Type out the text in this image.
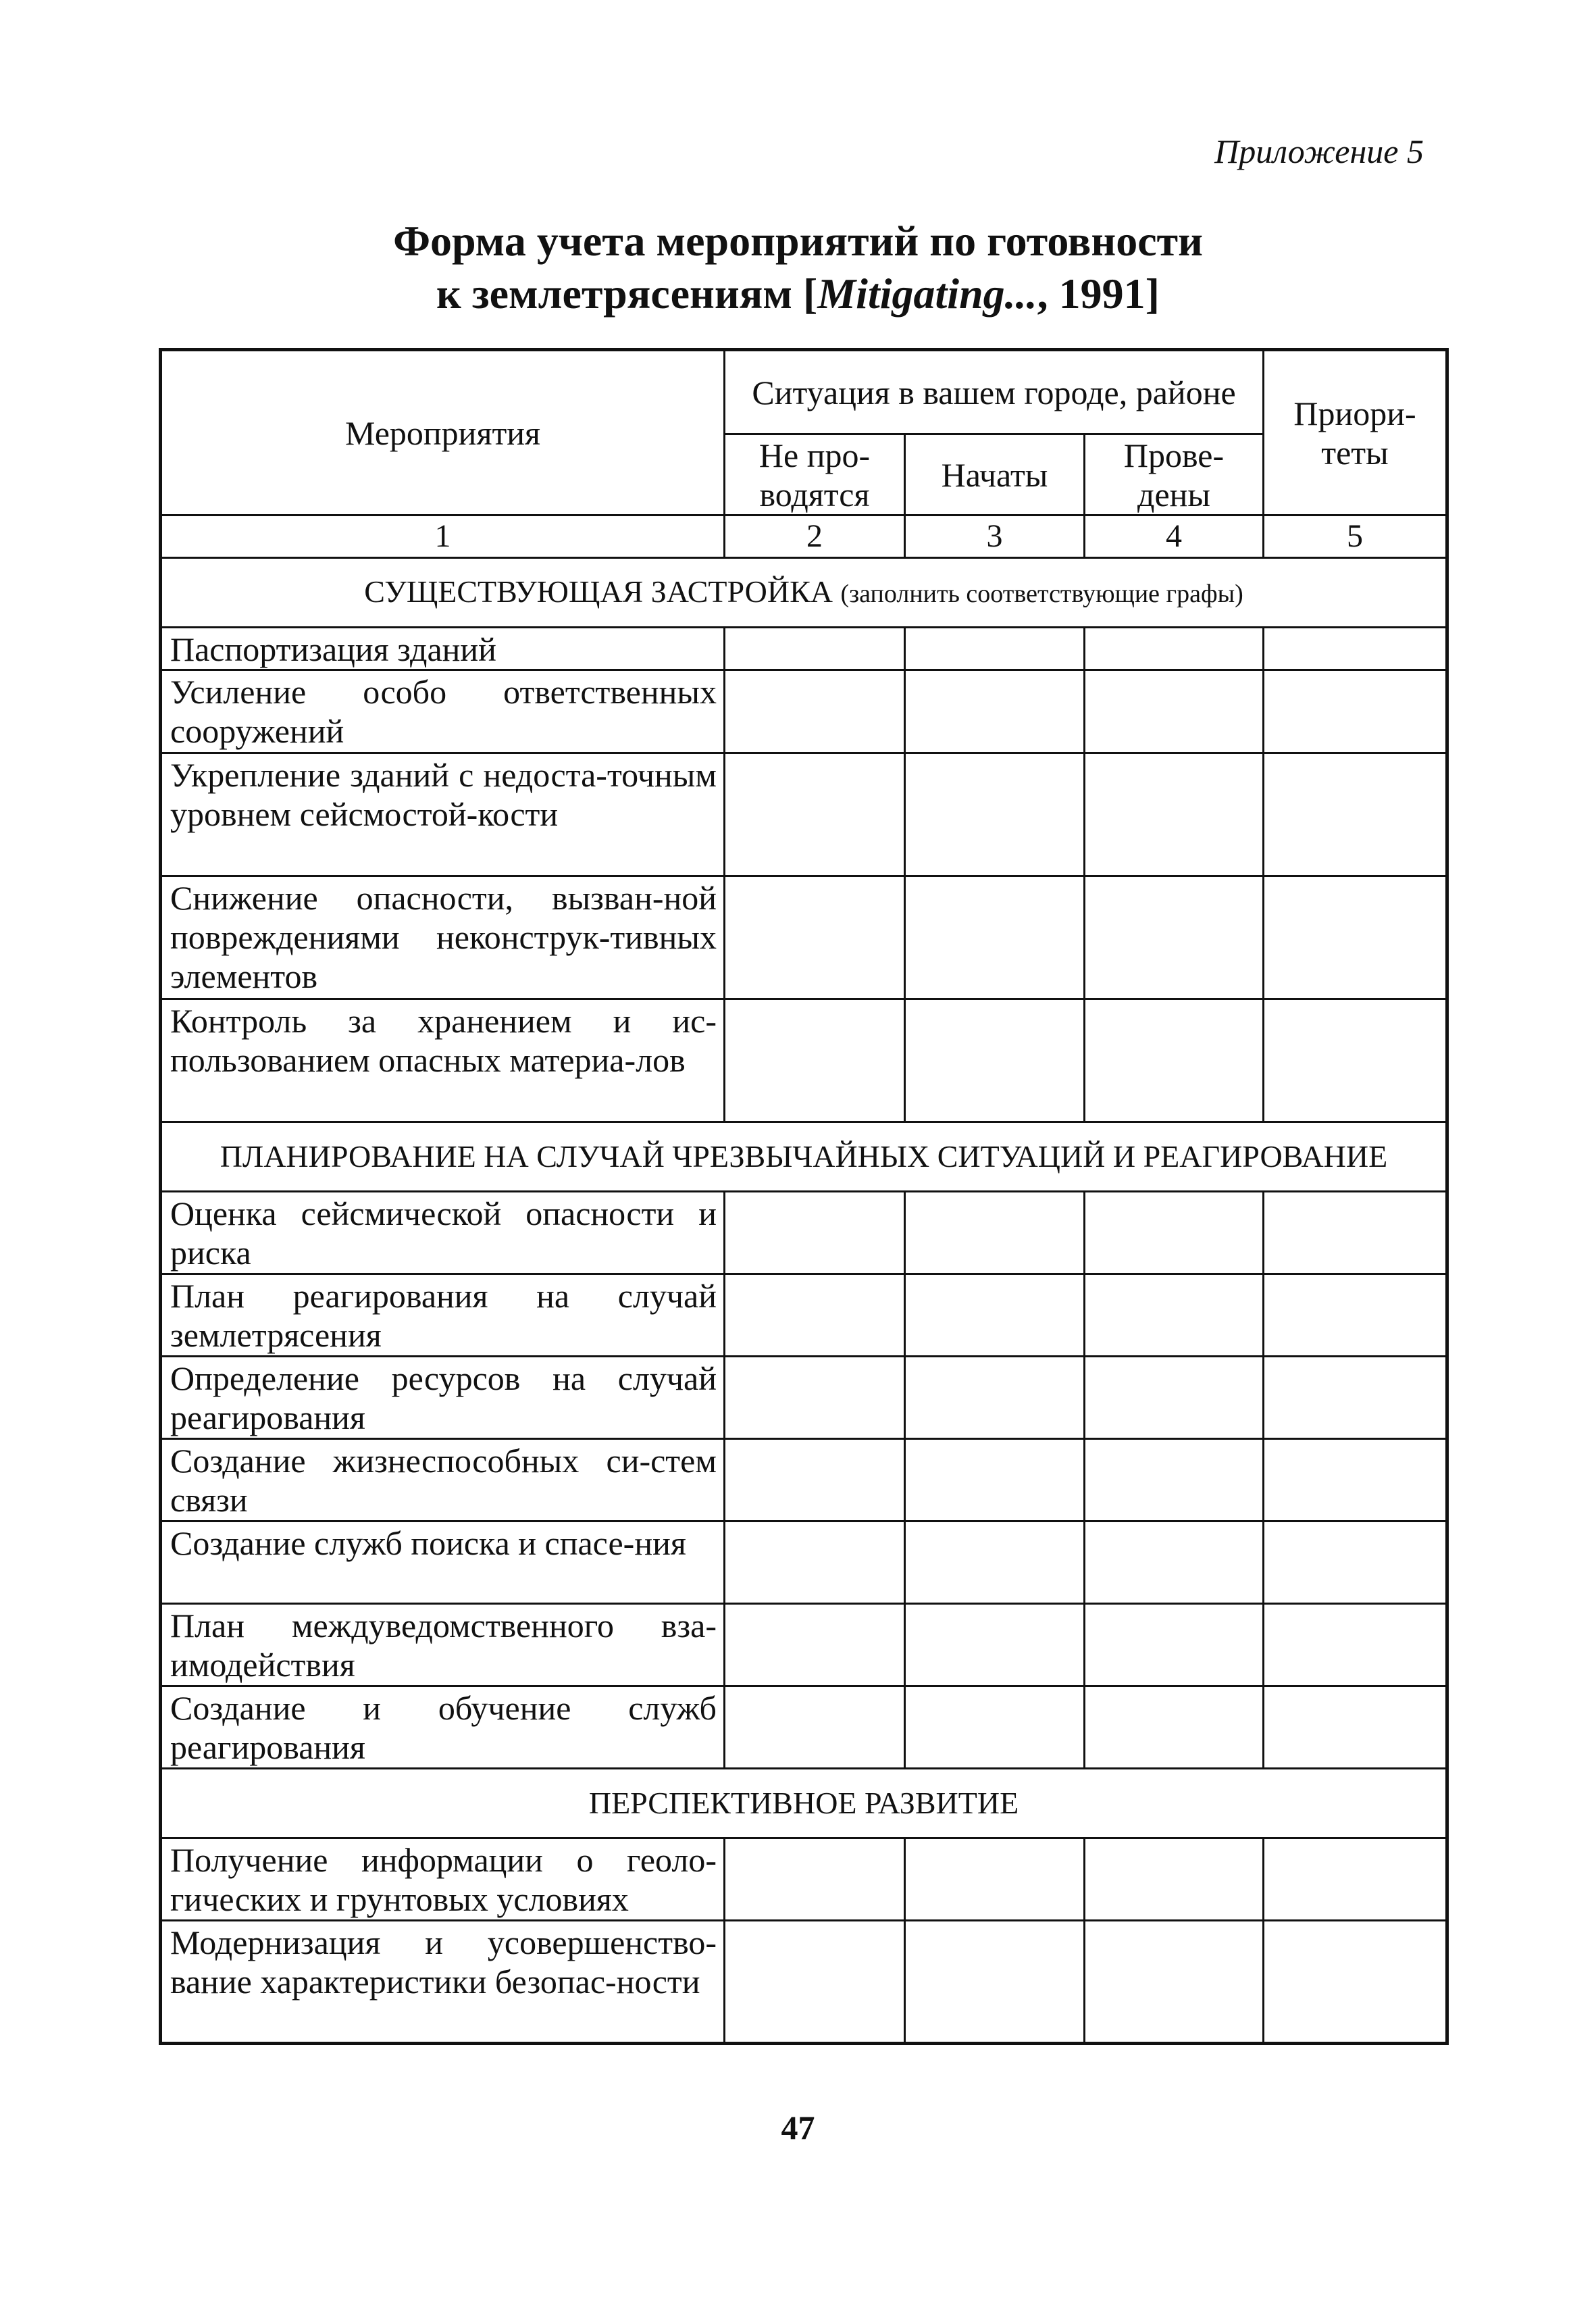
Приложение 5
Форма учета мероприятий по готовности
к землетрясениям [Mitigating..., 1991]
Мероприятия	Ситуация в вашем городе, районе			Приори-теты
	Не про-водятся	Начаты	Прове-дены	
1	2	3	4	5
СУЩЕСТВУЮЩАЯ ЗАСТРОЙКА (заполнить соответствующие графы)				
Паспортизация зданий				
Усиление особо ответственных сооружений				
Укрепление зданий с недоста-точным уровнем сейсмостой-кости				
Снижение опасности, вызван-ной повреждениями неконструк-тивных элементов				
Контроль за хранением и ис-пользованием опасных материа-лов				
ПЛАНИРОВАНИЕ НА СЛУЧАЙ ЧРЕЗВЫЧАЙНЫХ СИТУАЦИЙ И РЕАГИРОВАНИЕ				
Оценка сейсмической опасности и риска				
План реагирования на случай землетрясения				
Определение ресурсов на случай реагирования				
Создание жизнеспособных си-стем связи				
Создание служб поиска и спасе-ния				
План междуведомственного вза-имодействия				
Создание и обучение служб реагирования				
ПЕРСПЕКТИВНОЕ РАЗВИТИЕ				
Получение информации о геоло-гических и грунтовых условиях				
Модернизация и усовершенство-вание характеристики безопас-ности				
47
